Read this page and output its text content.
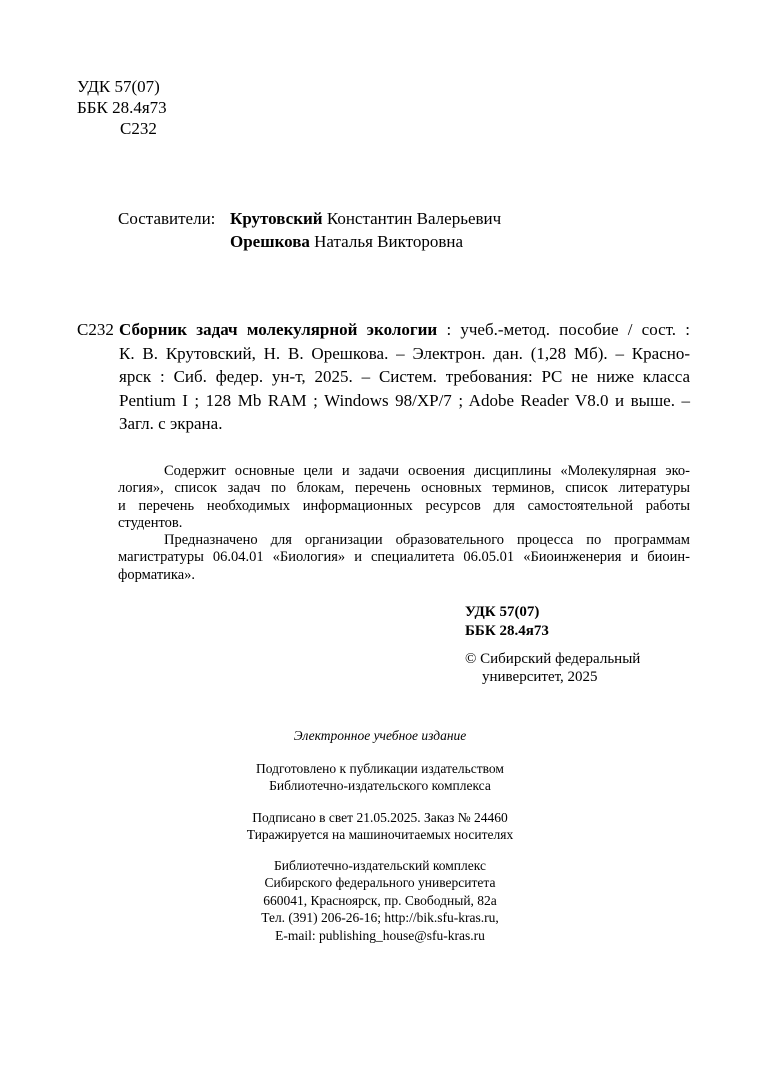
УДК 57(07)
ББК 28.4я73
С232
Составители: Крутовский Константин Валерьевич
Орешкова Наталья Викторовна
С232 Сборник задач молекулярной экологии : учеб.-метод. пособие / сост. :
К. В. Крутовский, Н. В. Орешкова. – Электрон. дан. (1,28 Мб). – Красно-
ярск : Сиб. федер. ун-т, 2025. – Систем. требования: PC не ниже класса
Pentium I ; 128 Mb RAM ; Windows 98/XP/7 ; Adobe Reader V8.0 и выше. –
Загл. с экрана.
Содержит основные цели и задачи освоения дисциплины «Молекулярная эко-
логия», список задач по блокам, перечень основных терминов, список литературы
и перечень необходимых информационных ресурсов для самостоятельной работы
студентов.
Предназначено для организации образовательного процесса по программам
магистратуры 06.04.01 «Биология» и специалитета 06.05.01 «Биоинженерия и биоин-
форматика».
УДК 57(07)
ББК 28.4я73
© Сибирский федеральный
университет, 2025
Электронное учебное издание
Подготовлено к публикации издательством
Библиотечно-издательского комплекса
Подписано в свет 21.05.2025. Заказ № 24460
Тиражируется на машиночитаемых носителях
Библиотечно-издательский комплекс
Сибирского федерального университета
660041, Красноярск, пр. Свободный, 82а
Тел. (391) 206-26-16; http://bik.sfu-kras.ru,
E-mail: publishing_house@sfu-kras.ru
